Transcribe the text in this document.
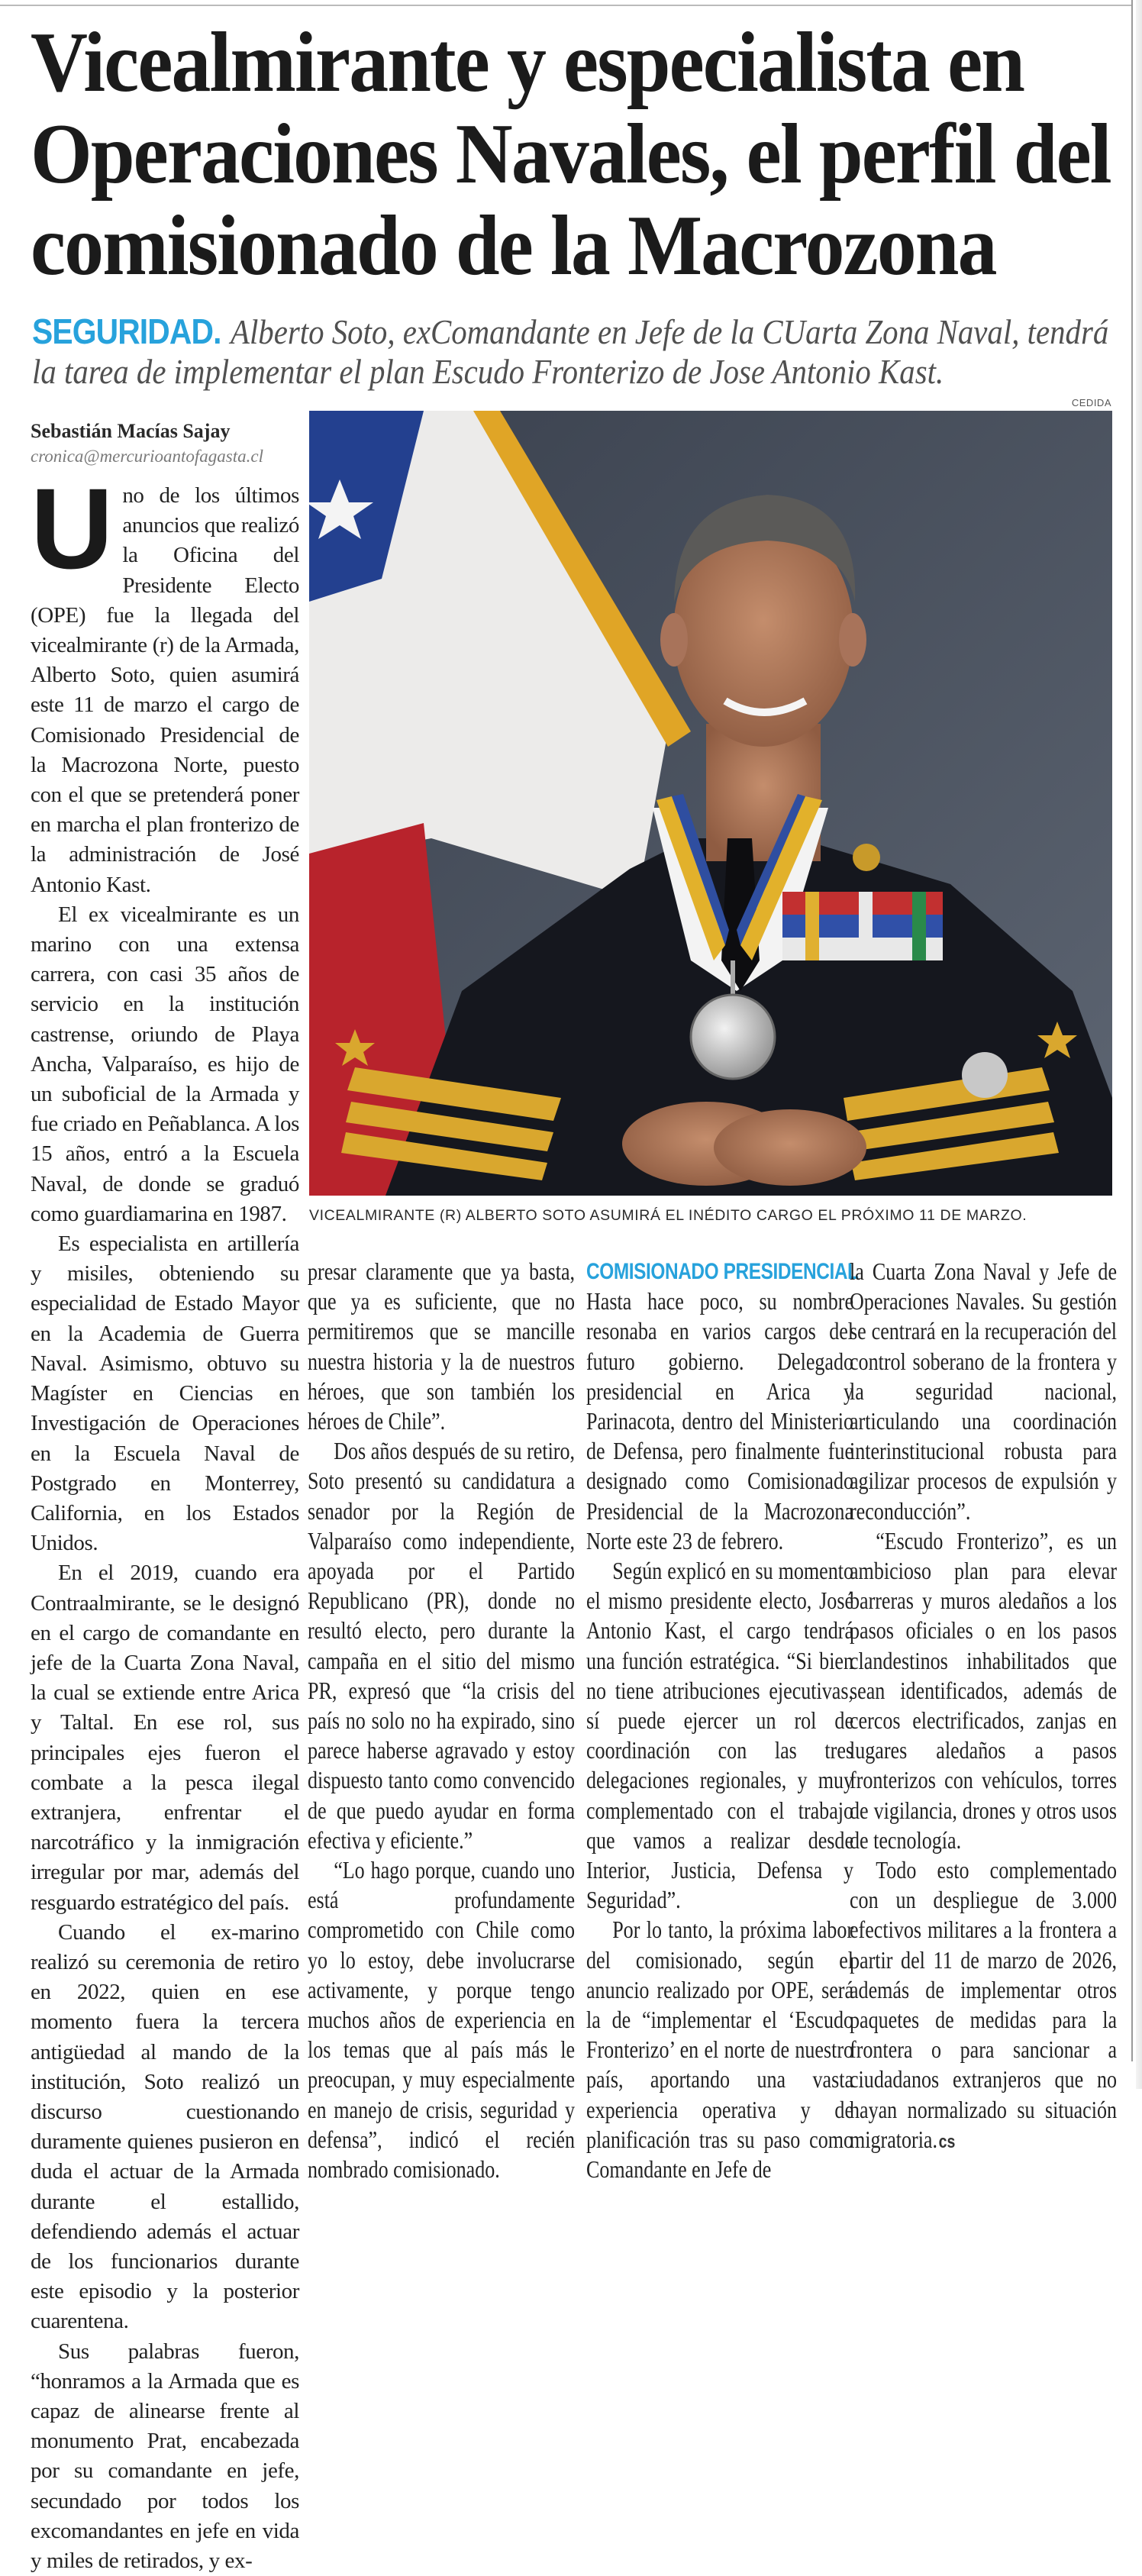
Vicealmirante y especialista en
Operaciones Navales, el perfil del
comisionado de la Macrozona
SEGURIDAD. Alberto Soto, exComandante en Jefe de la CUarta Zona Naval, tendrá
la tarea de implementar el plan Escudo Fronterizo de Jose Antonio Kast.
Sebastián Macías Sajay
cronica@mercurioantofagasta.cl
CEDIDA
VICEALMIRANTE (R) ALBERTO SOTO ASUMIRÁ EL INÉDITO CARGO EL PRÓXIMO 11 DE MARZO.
U no de los últimos anuncios que realizó la Oficina del Presidente Electo (OPE) fue la llegada del vicealmirante (r) de la Armada, Alberto Soto, quien asumirá este 11 de marzo el cargo de Comisionado Presidencial de la Macrozona Norte, puesto con el que se pretenderá poner en marcha el plan fronterizo de la administración de José Antonio Kast.

El ex vicealmirante es un marino con una extensa carrera, con casi 35 años de servicio en la institución castrense, oriundo de Playa Ancha, Valparaíso, es hijo de un suboficial de la Armada y fue criado en Peñablanca. A los 15 años, entró a la Escuela Naval, de donde se graduó como guardiamarina en 1987.

Es especialista en artillería y misiles, obteniendo su especialidad de Estado Mayor en la Academia de Guerra Naval. Asimismo, obtuvo su Magíster en Ciencias en Investigación de Operaciones en la Escuela Naval de Postgrado en Monterrey, California, en los Estados Unidos.

En el 2019, cuando era Contraalmirante, se le designó en el cargo de comandante en jefe de la Cuarta Zona Naval, la cual se extiende entre Arica y Taltal. En ese rol, sus principales ejes fueron el combate a la pesca ilegal extranjera, enfrentar el narcotráfico y la inmigración irregular por mar, además del resguardo estratégico del país.

Cuando el ex-marino realizó su ceremonia de retiro en 2022, quien en ese momento fuera la tercera antigüedad al mando de la institución, Soto realizó un discurso cuestionando duramente quienes pusieron en duda el actuar de la Armada durante el estallido, defendiendo además el actuar de los funcionarios durante este episodio y la posterior cuarentena.

Sus palabras fueron, “honramos a la Armada que es capaz de alinearse frente al monumento Prat, encabezada por su comandante en jefe, secundado por todos los excomandantes en jefe en vida y miles de retirados, y ex-

presar claramente que ya basta, que ya es suficiente, que no permitiremos que se mancille nuestra historia y la de nuestros héroes, que son también los héroes de Chile”.

Dos años después de su retiro, Soto presentó su candidatura a senador por la Región de Valparaíso como independiente, apoyada por el Partido Republicano (PR), donde no resultó electo, pero durante la campaña en el sitio del mismo PR, expresó que “la crisis del país no solo no ha expirado, sino parece haberse agravado y estoy dispuesto tanto como convencido de que puedo ayudar en forma efectiva y eficiente.”

“Lo hago porque, cuando uno está profundamente comprometido con Chile como yo lo estoy, debe involucrarse activamente, y porque tengo muchos años de experiencia en los temas que al país más le preocupan, y muy especialmente en manejo de crisis, seguridad y defensa”, indicó el recién nombrado comisionado.

COMISIONADO PRESIDENCIAL

Hasta hace poco, su nombre resonaba en varios cargos del futuro gobierno. Delegado presidencial en Arica y Parinacota, dentro del Ministerio de Defensa, pero finalmente fue designado como Comisionado Presidencial de la Macrozona Norte este 23 de febrero.

Según explicó en su momento el mismo presidente electo, José Antonio Kast, el cargo tendrá una función estratégica. “Si bien no tiene atribuciones ejecutivas, sí puede ejercer un rol de coordinación con las tres delegaciones regionales, y muy complementado con el trabajo que vamos a realizar desde Interior, Justicia, Defensa y Seguridad”.

Por lo tanto, la próxima labor del comisionado, según el anuncio realizado por OPE, será la de “implementar el ‘Escudo Fronterizo’ en el norte de nuestro país, aportando una vasta experiencia operativa y de planificación tras su paso como Comandante en Jefe de

la Cuarta Zona Naval y Jefe de Operaciones Navales. Su gestión se centrará en la recuperación del control soberano de la frontera y la seguridad nacional, articulando una coordinación interinstitucional robusta para agilizar procesos de expulsión y reconducción”.

“Escudo Fronterizo”, es un ambicioso plan para elevar barreras y muros aledaños a los pasos oficiales o en los pasos clandestinos inhabilitados que sean identificados, además de cercos electrificados, zanjas en lugares aledaños a pasos fronterizos con vehículos, torres de vigilancia, drones y otros usos de tecnología.

Todo esto complementado con un despliegue de 3.000 efectivos militares a la frontera a partir del 11 de marzo de 2026, además de implementar otros paquetes de medidas para la frontera o para sancionar a ciudadanos extranjeros que no hayan normalizado su situación migratoria.cs
